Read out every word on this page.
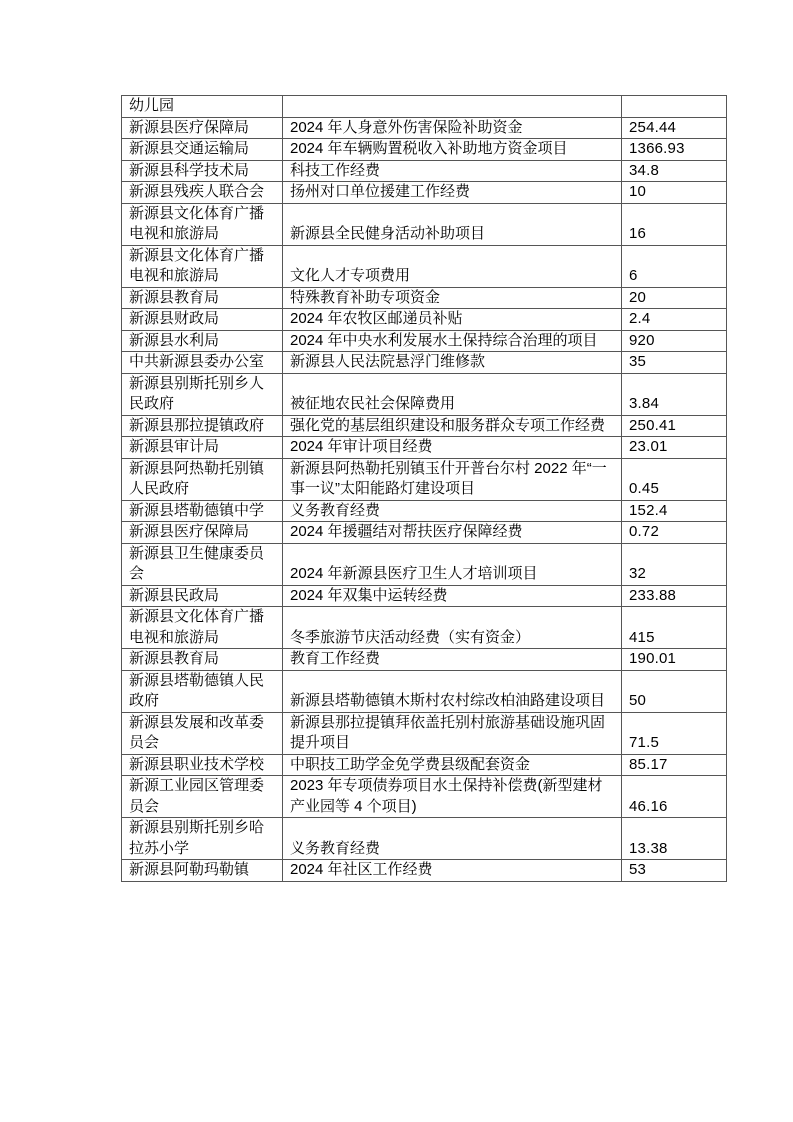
幼儿园		
新源县医疗保障局	2024 年人身意外伤害保险补助资金	254.44
新源县交通运输局	2024 年车辆购置税收入补助地方资金项目	1366.93
新源县科学技术局	科技工作经费	34.8
新源县残疾人联合会	扬州对口单位援建工作经费	10
新源县文化体育广播电视和旅游局	新源县全民健身活动补助项目	16
新源县文化体育广播电视和旅游局	文化人才专项费用	6
新源县教育局	特殊教育补助专项资金	20
新源县财政局	2024 年农牧区邮递员补贴	2.4
新源县水利局	2024 年中央水利发展水土保持综合治理的项目	920
中共新源县委办公室	新源县人民法院悬浮门维修款	35
新源县别斯托别乡人民政府	被征地农民社会保障费用	3.84
新源县那拉提镇政府	强化党的基层组织建设和服务群众专项工作经费	250.41
新源县审计局	2024 年审计项目经费	23.01
新源县阿热勒托别镇人民政府	新源县阿热勒托别镇玉什开普台尔村 2022 年“一事一议”太阳能路灯建设项目	0.45
新源县塔勒德镇中学	义务教育经费	152.4
新源县医疗保障局	2024 年援疆结对帮扶医疗保障经费	0.72
新源县卫生健康委员会	2024 年新源县医疗卫生人才培训项目	32
新源县民政局	2024 年双集中运转经费	233.88
新源县文化体育广播电视和旅游局	冬季旅游节庆活动经费（实有资金）	415
新源县教育局	教育工作经费	190.01
新源县塔勒德镇人民政府	新源县塔勒德镇木斯村农村综改柏油路建设项目	50
新源县发展和改革委员会	新源县那拉提镇拜依盖托别村旅游基础设施巩固提升项目	71.5
新源县职业技术学校	中职技工助学金免学费县级配套资金	85.17
新源工业园区管理委员会	2023 年专项债券项目水土保持补偿费(新型建材产业园等 4 个项目)	46.16
新源县别斯托别乡哈拉苏小学	义务教育经费	13.38
新源县阿勒玛勒镇	2024 年社区工作经费	53
